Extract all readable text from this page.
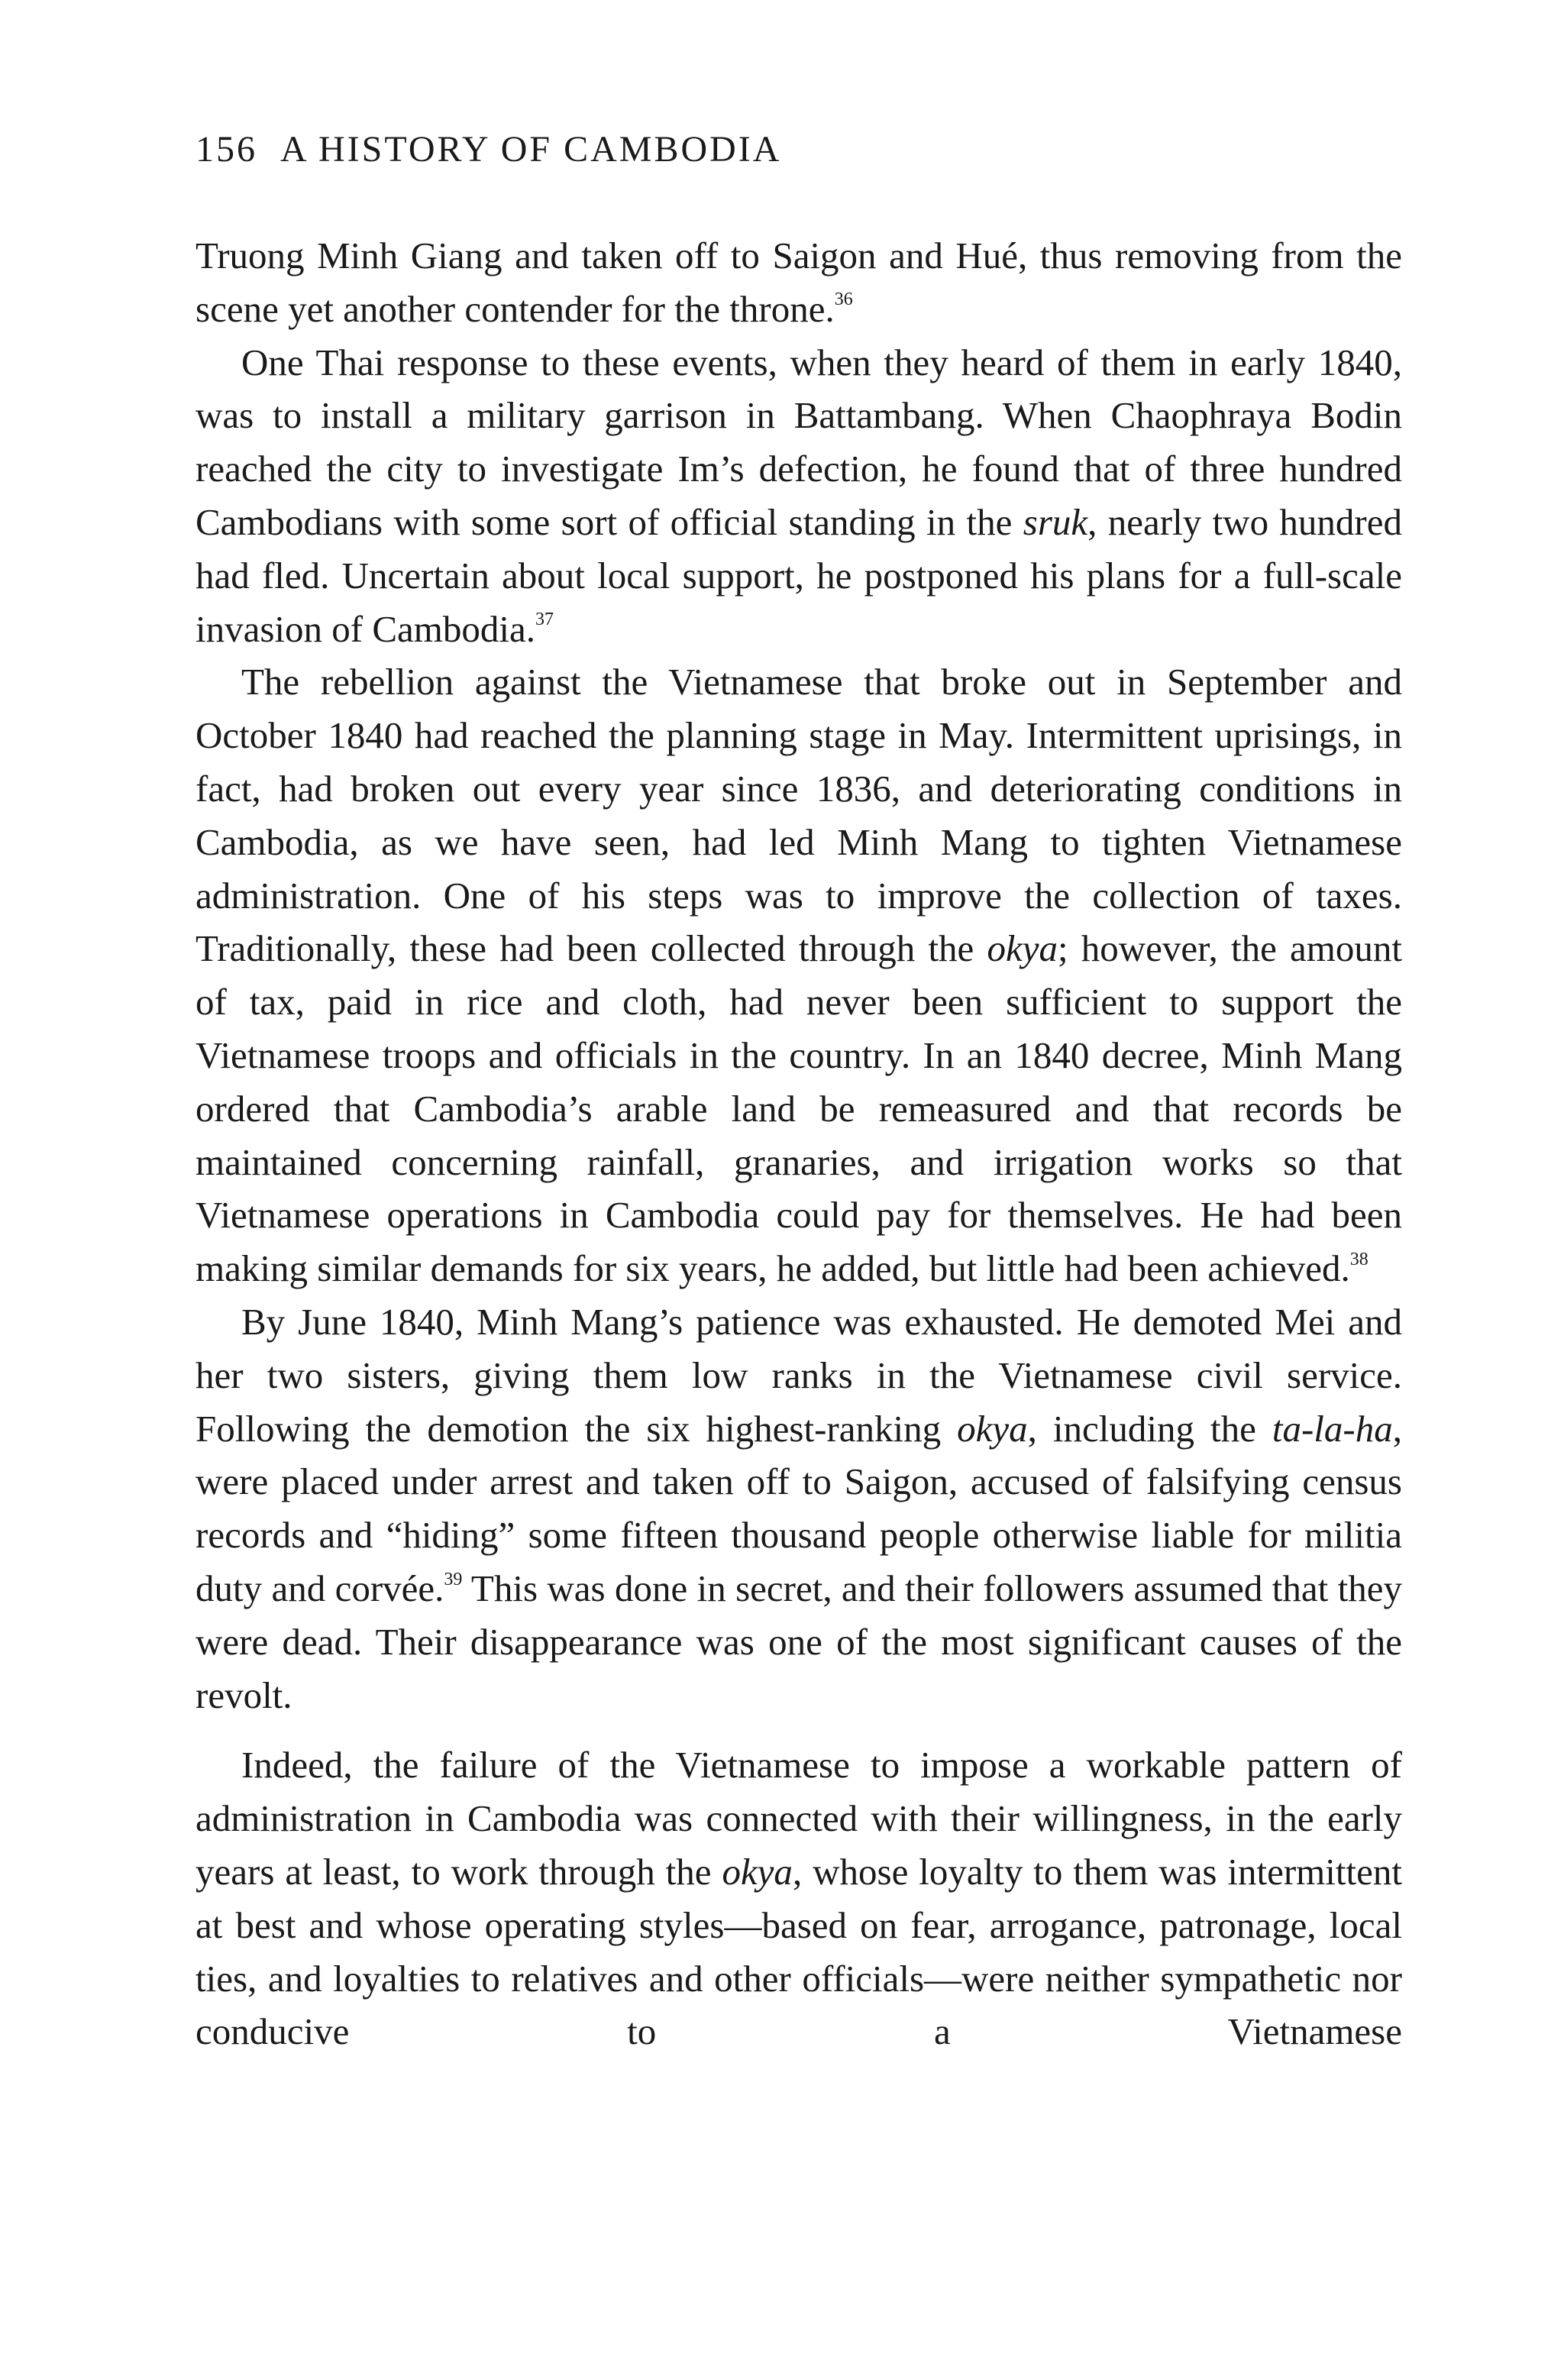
156 A HISTORY OF CAMBODIA

Truong Minh Giang and taken off to Saigon and Hué, thus removing from the scene yet another contender for the throne.$^{36}$

One Thai response to these events, when they heard of them in early 1840, was to install a military garrison in Battambang. When Chaophraya Bodin reached the city to investigate Im’s defection, he found that of three hundred Cambodians with some sort of official standing in the sruk, nearly two hundred had fled. Uncertain about local support, he postponed his plans for a full-scale invasion of Cambodia.$^{37}$

The rebellion against the Vietnamese that broke out in September and October 1840 had reached the planning stage in May. Intermittent uprisings, in fact, had broken out every year since 1836, and deteriorating conditions in Cambodia, as we have seen, had led Minh Mang to tighten Vietnamese administration. One of his steps was to improve the collection of taxes. Traditionally, these had been collected through the okya; however, the amount of tax, paid in rice and cloth, had never been sufficient to support the Vietnamese troops and officials in the country. In an 1840 decree, Minh Mang ordered that Cambodia’s arable land be remeasured and that records be maintained concerning rainfall, granaries, and irrigation works so that Vietnamese operations in Cambodia could pay for themselves. He had been making similar demands for six years, he added, but little had been achieved.$^{38}$

By June 1840, Minh Mang’s patience was exhausted. He demoted Mei and her two sisters, giving them low ranks in the Vietnamese civil service. Following the demotion the six highest-ranking okya, including the ta-la-ha, were placed under arrest and taken off to Saigon, accused of falsifying census records and “hiding” some fifteen thousand people otherwise liable for militia duty and corvée.$^{39}$ This was done in secret, and their followers assumed that they were dead. Their disappearance was one of the most significant causes of the revolt.

Indeed, the failure of the Vietnamese to impose a workable pattern of administration in Cambodia was connected with their willingness, in the early years at least, to work through the okya, whose loyalty to them was intermittent at best and whose operating styles—based on fear, arrogance, patronage, local ties, and loyalties to relatives and other officials—were neither sympathetic nor conducive to a Vietnamese
